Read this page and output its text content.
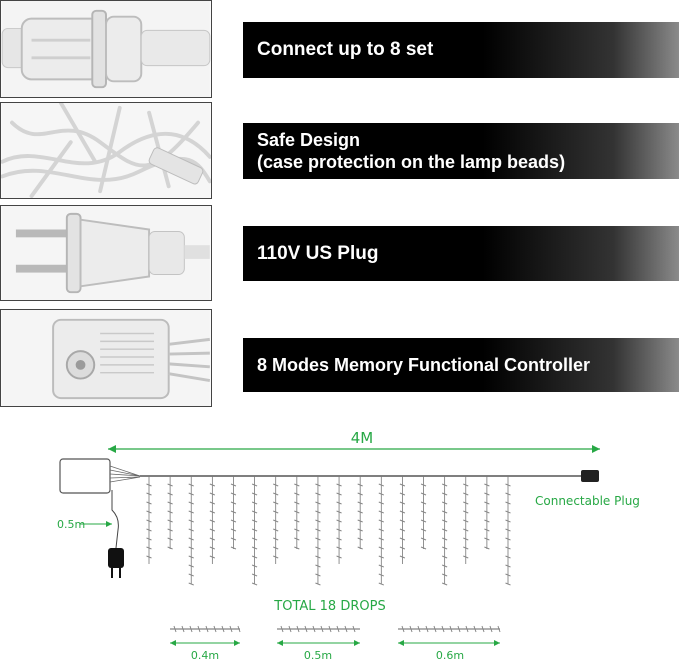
Connect up to 8 set
Safe Design
(case protection on the lamp beads)
110V US Plug
8 Modes Memory Functional Controller
4M
Connectable Plug
0.5m
TOTAL 18 DROPS
0.4m	0.5m	0.6m
